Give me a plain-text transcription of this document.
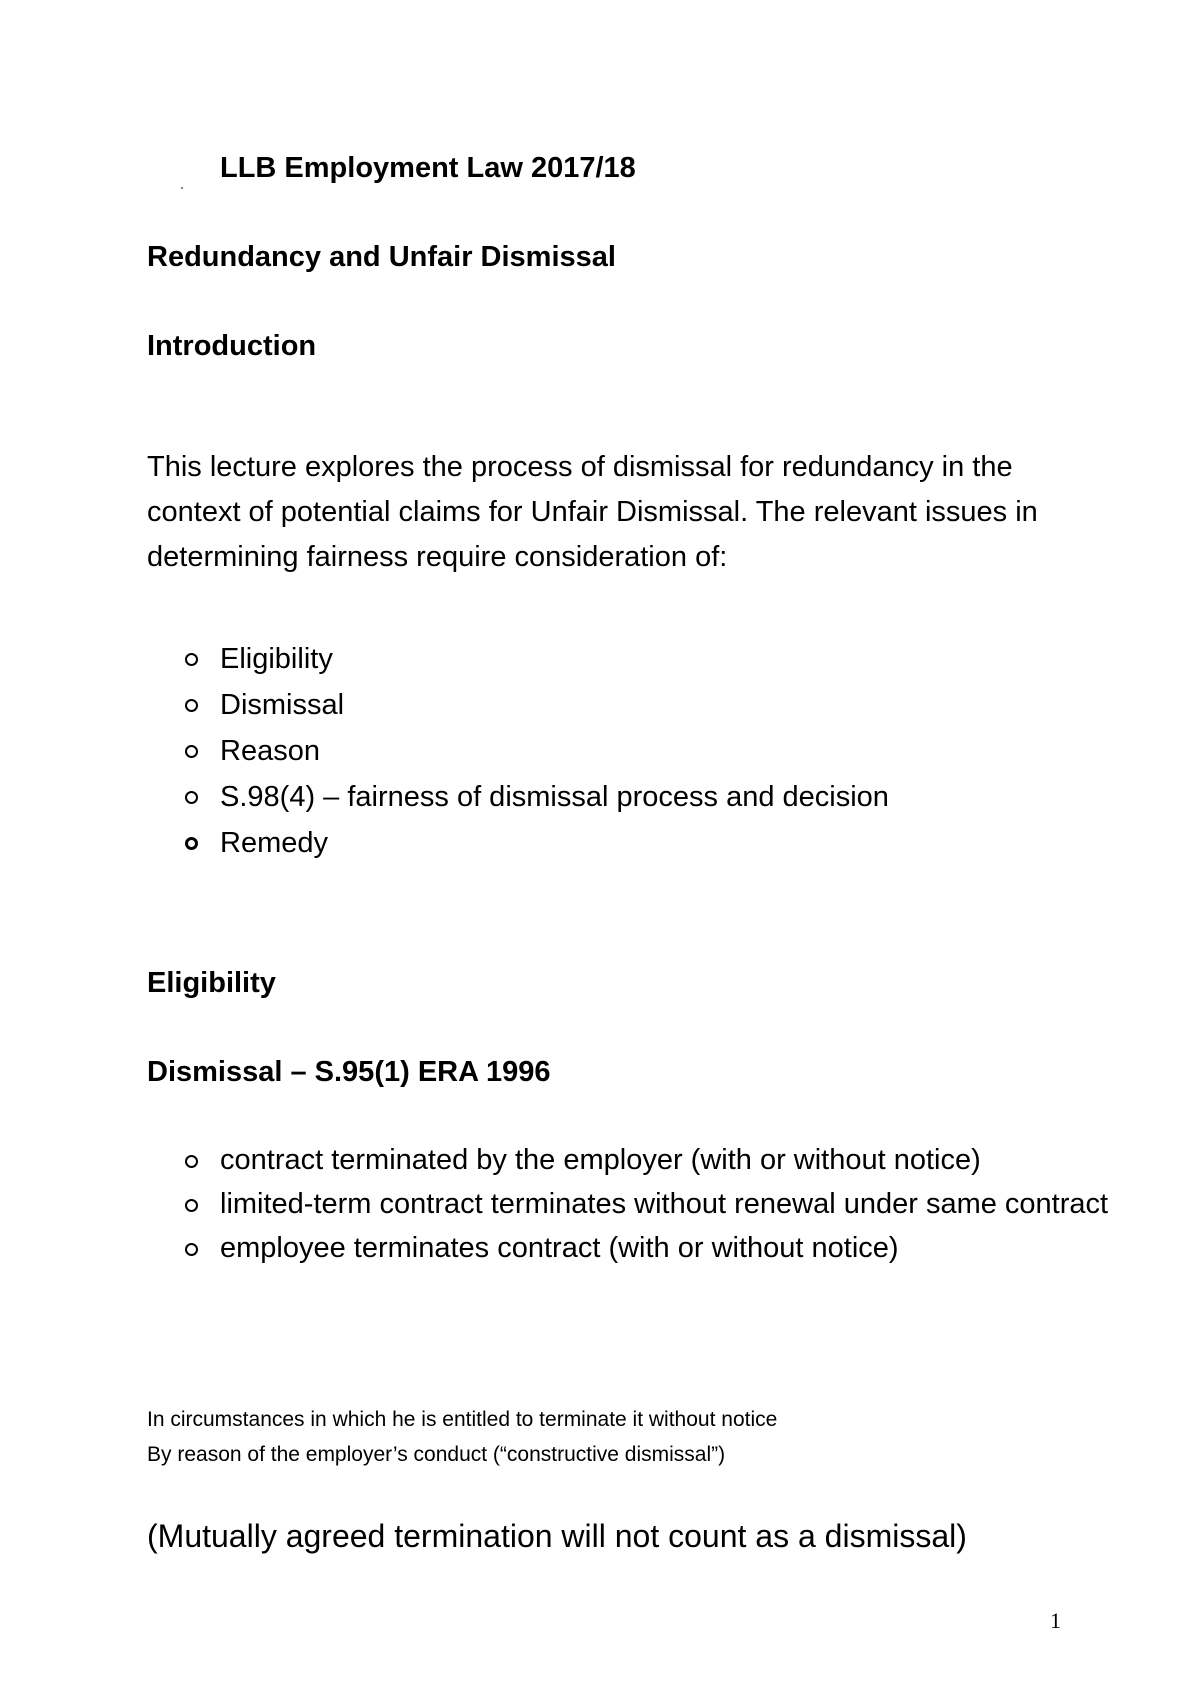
LLB Employment Law 2017/18

Redundancy and Unfair Dismissal

Introduction

This lecture explores the process of dismissal for redundancy in the context of potential claims for Unfair Dismissal. The relevant issues in determining fairness require consideration of:

Eligibility
Dismissal
Reason
S.98(4) – fairness of dismissal process and decision
Remedy

Eligibility

Dismissal – S.95(1) ERA 1996

contract terminated by the employer (with or without notice)
limited-term contract terminates without renewal under same contract
employee terminates contract (with or without notice)

In circumstances in which he is entitled to terminate it without notice

By reason of the employer’s conduct (“constructive dismissal”)

(Mutually agreed termination will not count as a dismissal)

1
